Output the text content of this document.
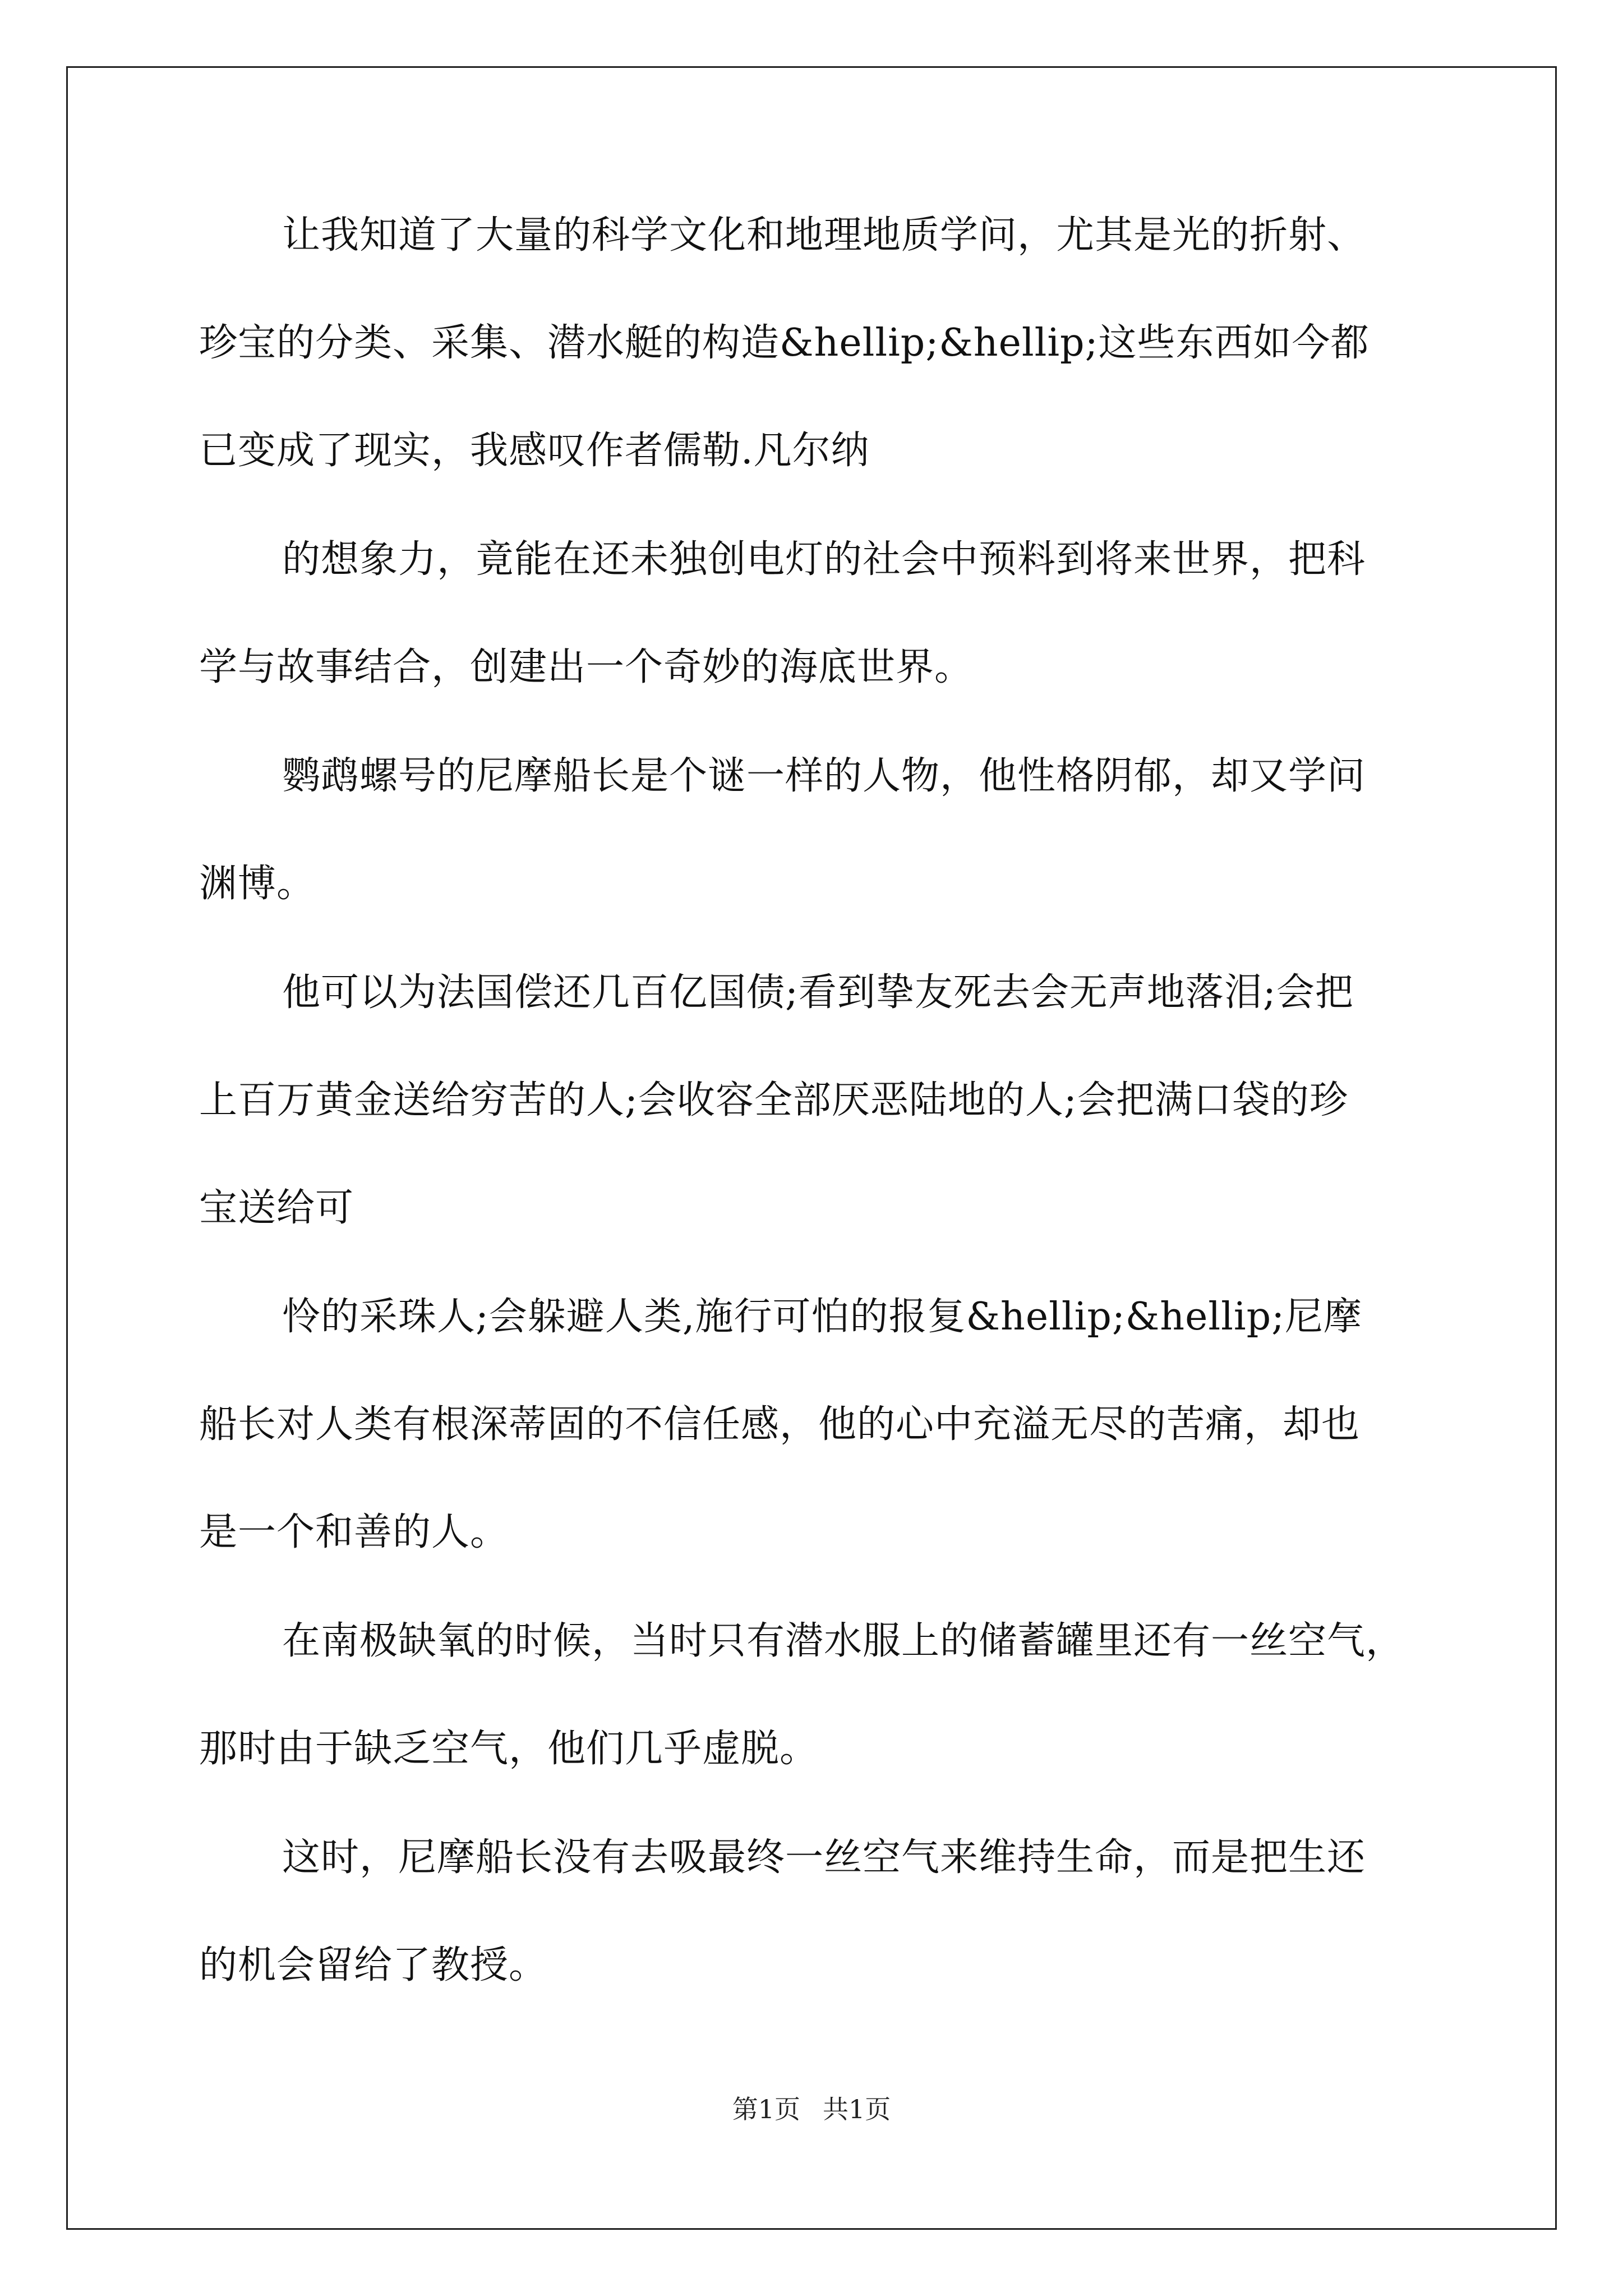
让我知道了大量的科学文化和地理地质学问，尤其是光的折射、
珍宝的分类、采集、潜水艇的构造&hellip;&hellip;这些东西如今都
已变成了现实，我感叹作者儒勒.凡尔纳
的想象力，竟能在还未独创电灯的社会中预料到将来世界，把科
学与故事结合，创建出一个奇妙的海底世界。
鹦鹉螺号的尼摩船长是个谜一样的人物，他性格阴郁，却又学问
渊博。
他可以为法国偿还几百亿国债;看到挚友死去会无声地落泪;会把
上百万黄金送给穷苦的人;会收容全部厌恶陆地的人;会把满口袋的珍
宝送给可
怜的采珠人;会躲避人类,施行可怕的报复&hellip;&hellip;尼摩
船长对人类有根深蒂固的不信任感，他的心中充溢无尽的苦痛，却也
是一个和善的人。
在南极缺氧的时候，当时只有潜水服上的储蓄罐里还有一丝空气，
那时由于缺乏空气，他们几乎虚脱。
这时，尼摩船长没有去吸最终一丝空气来维持生命，而是把生还
的机会留给了教授。
第1页 共1页
